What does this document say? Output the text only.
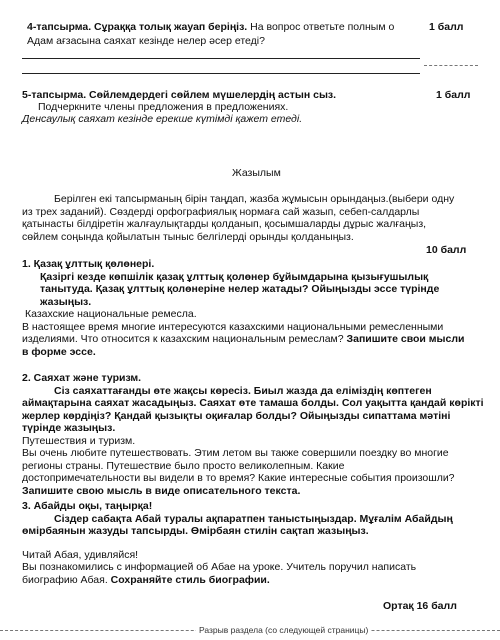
4-тапсырма. Сұраққа толық жауап беріңіз. На вопрос ответьте полным о	1 балл
Адам ағзасына саяхат кезінде нелер әсер етеді?
5-тапсырма. Сөйлемдердегі сөйлем мүшелердің астын сыз.	1 балл
Подчеркните члены предложения в предложениях.
Денсаулық саяхат кезінде ерекше күтімді қажет етеді.
Жазылым
Берілген екі тапсырманың бірін таңдап, жазба жұмысын орындаңыз.(выбери одну
из трех заданий). Сөздерді орфографиялық нормаға сай жазып, себеп-салдарлы
қатынасты білдіретін жалғаулықтарды қолданып, қосымшаларды дұрыс жалғаңыз,
сөйлем соңында қойылатын тыныс белгілерді орынды қолданыңыз.
10 балл
1. Қазақ ұлттық қөлөнері.
Қазіргі кезде көпшілік қазақ ұлттық қолөнер бұйымдарына қызығушылық
танытуда. Қазақ ұлттық қолөнеріне нелер жатады? Ойыңызды эссе түрінде
жазыңыз.
Казахские национальные ремесла.
В настоящее время многие интересуются казахскими национальными ремесленными
изделиями. Что относится к казахским национальным ремеслам? Запишите свои мысли
в форме эссе.
2. Саяхат және туризм.
Сіз саяхаттағанды өте жақсы көресіз. Биыл жазда да еліміздің көптеген
аймақтарына саяхат жасадыңыз. Саяхат өте тамаша болды. Сол уақытта қандай көрікті
жерлер көрдіңіз? Қандай қызықты оқиғалар болды? Ойыңызды сипаттама мәтіні
түрінде жазыңыз.
Путешествия и туризм.
Вы очень любите путешествовать. Этим летом вы также совершили поездку во многие
регионы страны. Путешествие было просто великолепным. Какие
достопримечательности вы видели в то время? Какие интересные события произошли?
Запишите свою мысль в виде описательного текста.
3. Абайды оқы, таңырқа!
Сіздер сабақта Абай туралы ақпаратпен таныстыңыздар. Мұғалім Абайдың
өмірбаянын жазуды тапсырды. Өмірбаян стилін сақтап жазыңыз.
Читай Абая, удивляйся!
Вы познакомились с информацией об Абае на уроке. Учитель поручил написать
биографию Абая. Сохраняйте стиль биографии.
Ортақ 16 балл
Разрыв раздела (со следующей страницы)
